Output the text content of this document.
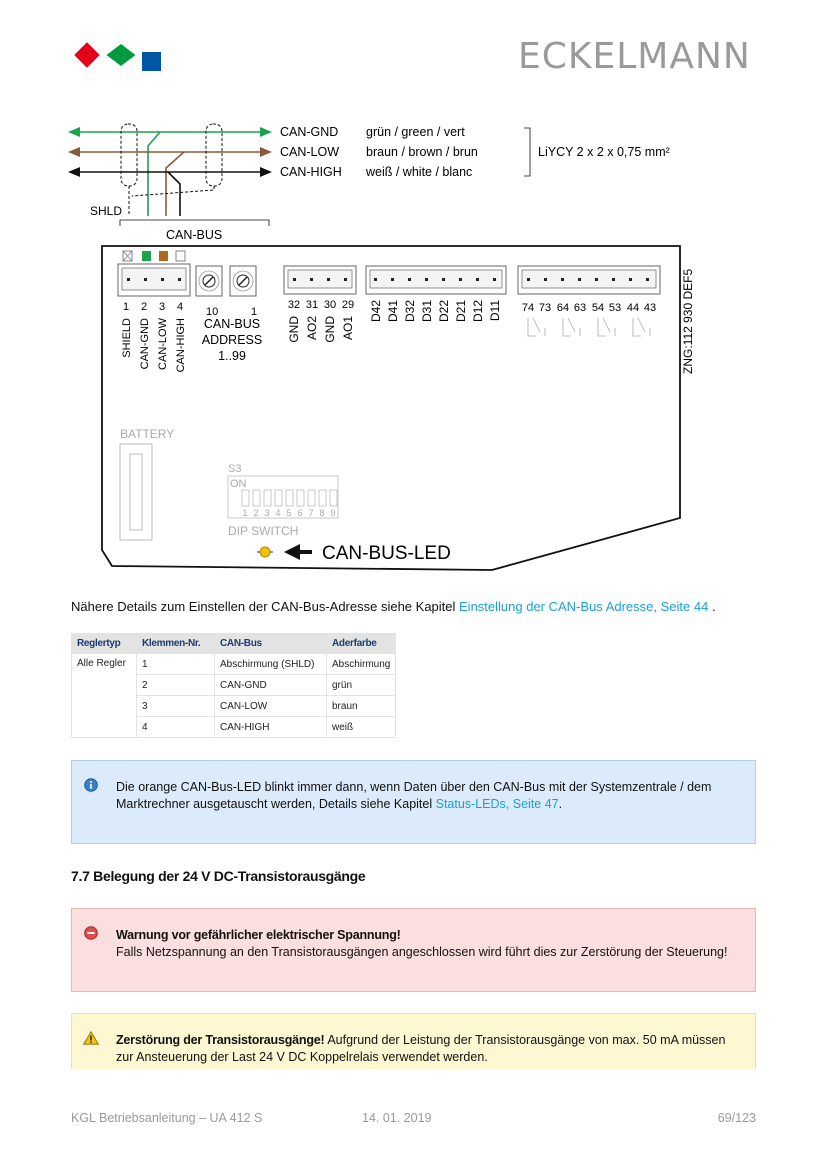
ECKELMANN
CAN-GND
CAN-LOW
CAN-HIGH
grün / green / vert
braun / brown / brun
weiß / white / blanc
LiYCY 2 x 2 x 0,75 mm²
SHLD
CAN-BUS
1 2 3 4
SHIELD CAN-GND CAN-LOW CAN-HIGH
10	1
CAN-BUS
ADDRESS
1..99
32 31 30 29
GND AO2 GND AO1
D42 D41 D32 D31 D22 D21 D12 D11 74 73 64 63 54 53 44 43 ZNG:112 930 DEF5
BATTERY
S3
ON
1 2 3 4 5 6 7 8 9
DIP SWITCH
CAN-BUS-LED
Nähere Details zum Einstellen der CAN-Bus-Adresse siehe Kapitel Einstellung der CAN-Bus Adresse, Seite 44 .
Reglertyp	Klemmen-Nr.	CAN-Bus	Aderfarbe
Alle Regler	1	Abschirmung (SHLD)	Abschirmung
	2	CAN-GND	grün
	3	CAN-LOW	braun
	4	CAN-HIGH	weiß
Die orange CAN-Bus-LED blinkt immer dann, wenn Daten über den CAN-Bus mit der Systemzentrale / dem Marktrechner ausgetauscht werden, Details siehe Kapitel Status-LEDs, Seite 47.
7.7 Belegung der 24 V DC-Transistorausgänge
Warnung vor gefährlicher elektrischer Spannung!
Falls Netzspannung an den Transistorausgängen angeschlossen wird führt dies zur Zerstörung der Steuerung!
Zerstörung der Transistorausgänge! Aufgrund der Leistung der Transistorausgänge von max. 50 mA müssen zur Ansteuerung der Last 24 V DC Koppelrelais verwendet werden.
KGL Betriebsanleitung – UA 412 S	14. 01. 2019	69/123
